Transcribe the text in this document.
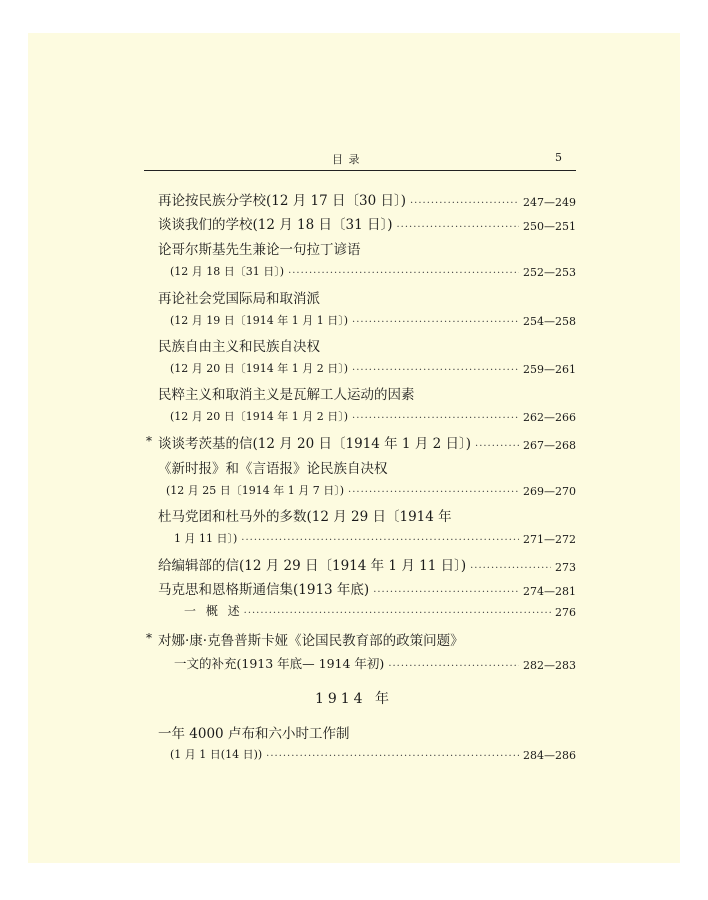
目 录	5
再论按民族分学校(12 月 17 日〔30 日〕) ·····	247—249
谈谈我们的学校(12 月 18 日〔31 日〕) ·····	250—251
论哥尔斯基先生兼论一句拉丁谚语
(12 月 18 日〔31 日〕) ·····	252—253
再论社会党国际局和取消派
(12 月 19 日〔1914 年 1 月 1 日〕) ·····	254—258
民族自由主义和民族自决权
(12 月 20 日〔1914 年 1 月 2 日〕) ·····	259—261
民粹主义和取消主义是瓦解工人运动的因素
(12 月 20 日〔1914 年 1 月 2 日〕) ·····	262—266
* 谈谈考茨基的信(12 月 20 日〔1914 年 1 月 2 日〕) ·····	267—268
《新时报》和《言语报》论民族自决权
(12 月 25 日〔1914 年 1 月 7 日〕) ·····	269—270
杜马党团和杜马外的多数(12 月 29 日〔1914 年
1 月 11 日〕) ·····	271—272
给编辑部的信(12 月 29 日〔1914 年 1 月 11 日〕) ·····	273
马克思和恩格斯通信集(1913 年底) ·····	274—281
一 概 述 ·····	276
* 对娜·康·克鲁普斯卡娅《论国民教育部的政策问题》
一文的补充(1913 年底— 1914 年初) ·····	282—283
1914 年
一年 4000 卢布和六小时工作制
(1 月 1 日(14 日)) ·····	284—286
